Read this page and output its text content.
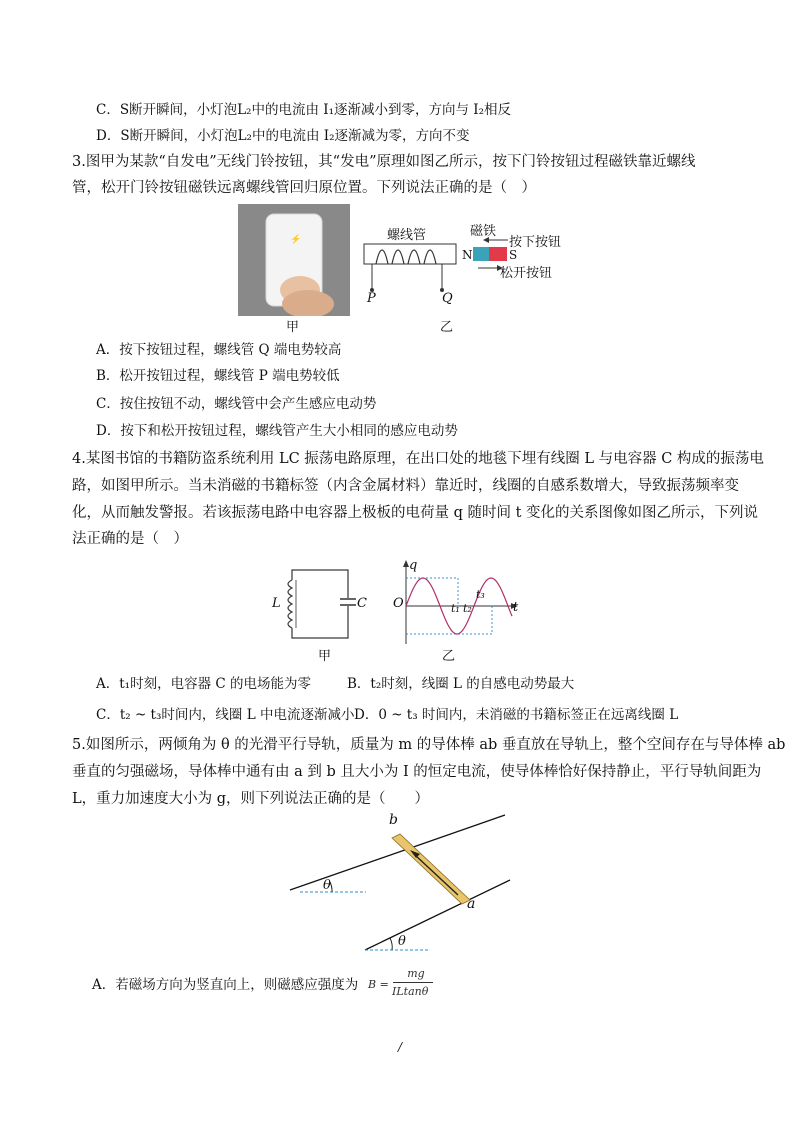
C．S断开瞬间，小灯泡L₂中的电流由 I₁逐渐减小到零，方向与 I₂相反
D．S断开瞬间，小灯泡L₂中的电流由 I₂逐渐减为零，方向不变
3.图甲为某款“自发电”无线门铃按钮，其“发电”原理如图乙所示，按下门铃按钮过程磁铁靠近螺线
管，松开门铃按钮磁铁远离螺线管回归原位置。下列说法正确的是（　）
⚡
甲
螺线管	磁铁
按下按钮
松开按钮
N	S
P	Q
乙
A．按下按钮过程，螺线管 Q 端电势较高
B．松开按钮过程，螺线管 P 端电势较低
C．按住按钮不动，螺线管中会产生感应电动势
D．按下和松开按钮过程，螺线管产生大小相同的感应电动势
4.某图书馆的书籍防盗系统利用 LC 振荡电路原理，在出口处的地毯下埋有线圈 L 与电容器 C 构成的振荡电
路，如图甲所示。当未消磁的书籍标签（内含金属材料）靠近时，线圈的自感系数增大，导致振荡频率变
化，从而触发警报。若该振荡电路中电容器上极板的电荷量 q 随时间 t 变化的关系图像如图乙所示，下列说
法正确的是（　）
L	C
甲
q
O	t
t₁ t₂
t₃
乙
A．t₁时刻，电容器 C 的电场能为零	B．t₂时刻，线圈 L 的自感电动势最大
C．t₂ ~ t₃时间内，线圈 L 中电流逐渐减小 D．0 ~ t₃ 时间内，未消磁的书籍标签正在远离线圈 L
5.如图所示，两倾角为 θ 的光滑平行导轨，质量为 m 的导体棒 ab 垂直放在导轨上，整个空间存在与导体棒 ab
垂直的匀强磁场，导体棒中通有由 a 到 b 且大小为 I 的恒定电流，使导体棒恰好保持静止，平行导轨间距为
L，重力加速度大小为 g，则下列说法正确的是（　　）
b
a
θ
θ
A．若磁场方向为竖直向上，则磁感应强度为 B =
mg
ILtanθ
/
